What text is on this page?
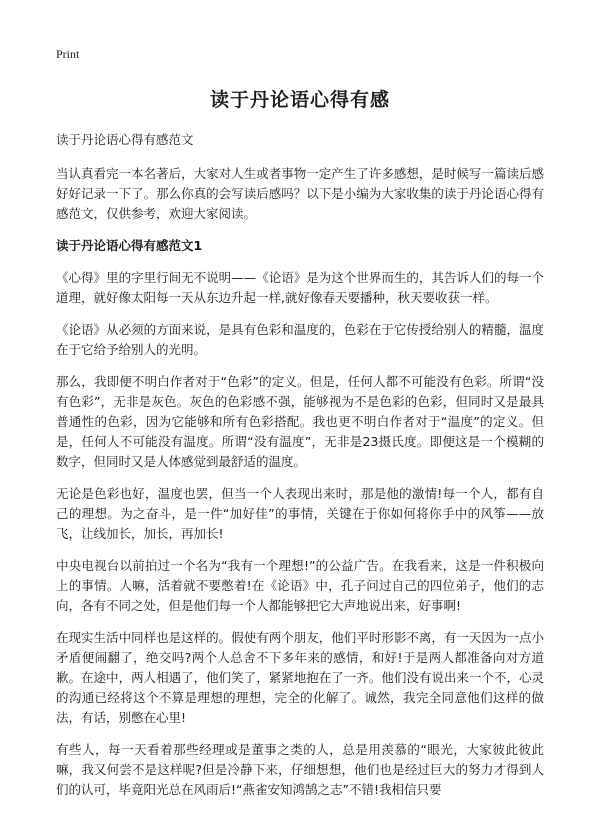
Print
读于丹论语心得有感
读于丹论语心得有感范文

当认真看完一本名著后，大家对人生或者事物一定产生了许多感想，是时候写一篇读后感好好记录一下了。那么你真的会写读后感吗？以下是小编为大家收集的读于丹论语心得有感范文，仅供参考，欢迎大家阅读。

读于丹论语心得有感范文1

《心得》里的字里行间无不说明——《论语》是为这个世界而生的，其告诉人们的每一个道理，就好像太阳每一天从东边升起一样,就好像春天要播种，秋天要收获一样。

《论语》从必须的方面来说，是具有色彩和温度的，色彩在于它传授给别人的精髓，温度在于它给予给别人的光明。

那么，我即便不明白作者对于“色彩”的定义。但是，任何人都不可能没有色彩。所谓“没有色彩”，无非是灰色。灰色的色彩感不强，能够视为不是色彩的色彩，但同时又是最具普通性的色彩，因为它能够和所有色彩搭配。我也更不明白作者对于“温度”的定义。但是，任何人不可能没有温度。所谓“没有温度”，无非是23摄氏度。即便这是一个模糊的数字，但同时又是人体感觉到最舒适的温度。

无论是色彩也好，温度也罢，但当一个人表现出来时，那是他的激情!每一个人，都有自己的理想。为之奋斗，是一件“加好佳”的事情，关键在于你如何将你手中的风筝——放飞，让线加长，加长，再加长!

中央电视台以前拍过一个名为“我有一个理想!”的公益广告。在我看来，这是一件积极向上的事情。人嘛，活着就不要憋着!在《论语》中，孔子问过自己的四位弟子，他们的志向，各有不同之处，但是他们每一个人都能够把它大声地说出来，好事啊!

在现实生活中同样也是这样的。假使有两个朋友，他们平时形影不离，有一天因为一点小矛盾便闹翻了，绝交吗?两个人总舍不下多年来的感情，和好!于是两人都准备向对方道歉。在途中，两人相遇了，他们笑了，紧紧地抱在了一齐。他们没有说出来一个不，心灵的沟通已经将这个不算是理想的理想，完全的化解了。诚然，我完全同意他们这样的做法，有话，别憋在心里!

有些人，每一天看着那些经理或是董事之类的人，总是用羡慕的“眼光，大家彼此彼此嘛，我又何尝不是这样呢?但是冷静下来，仔细想想，他们也是经过巨大的努力才得到人们的认可，毕竟阳光总在风雨后!“燕雀安知鸿鹄之志”不错!我相信只要
